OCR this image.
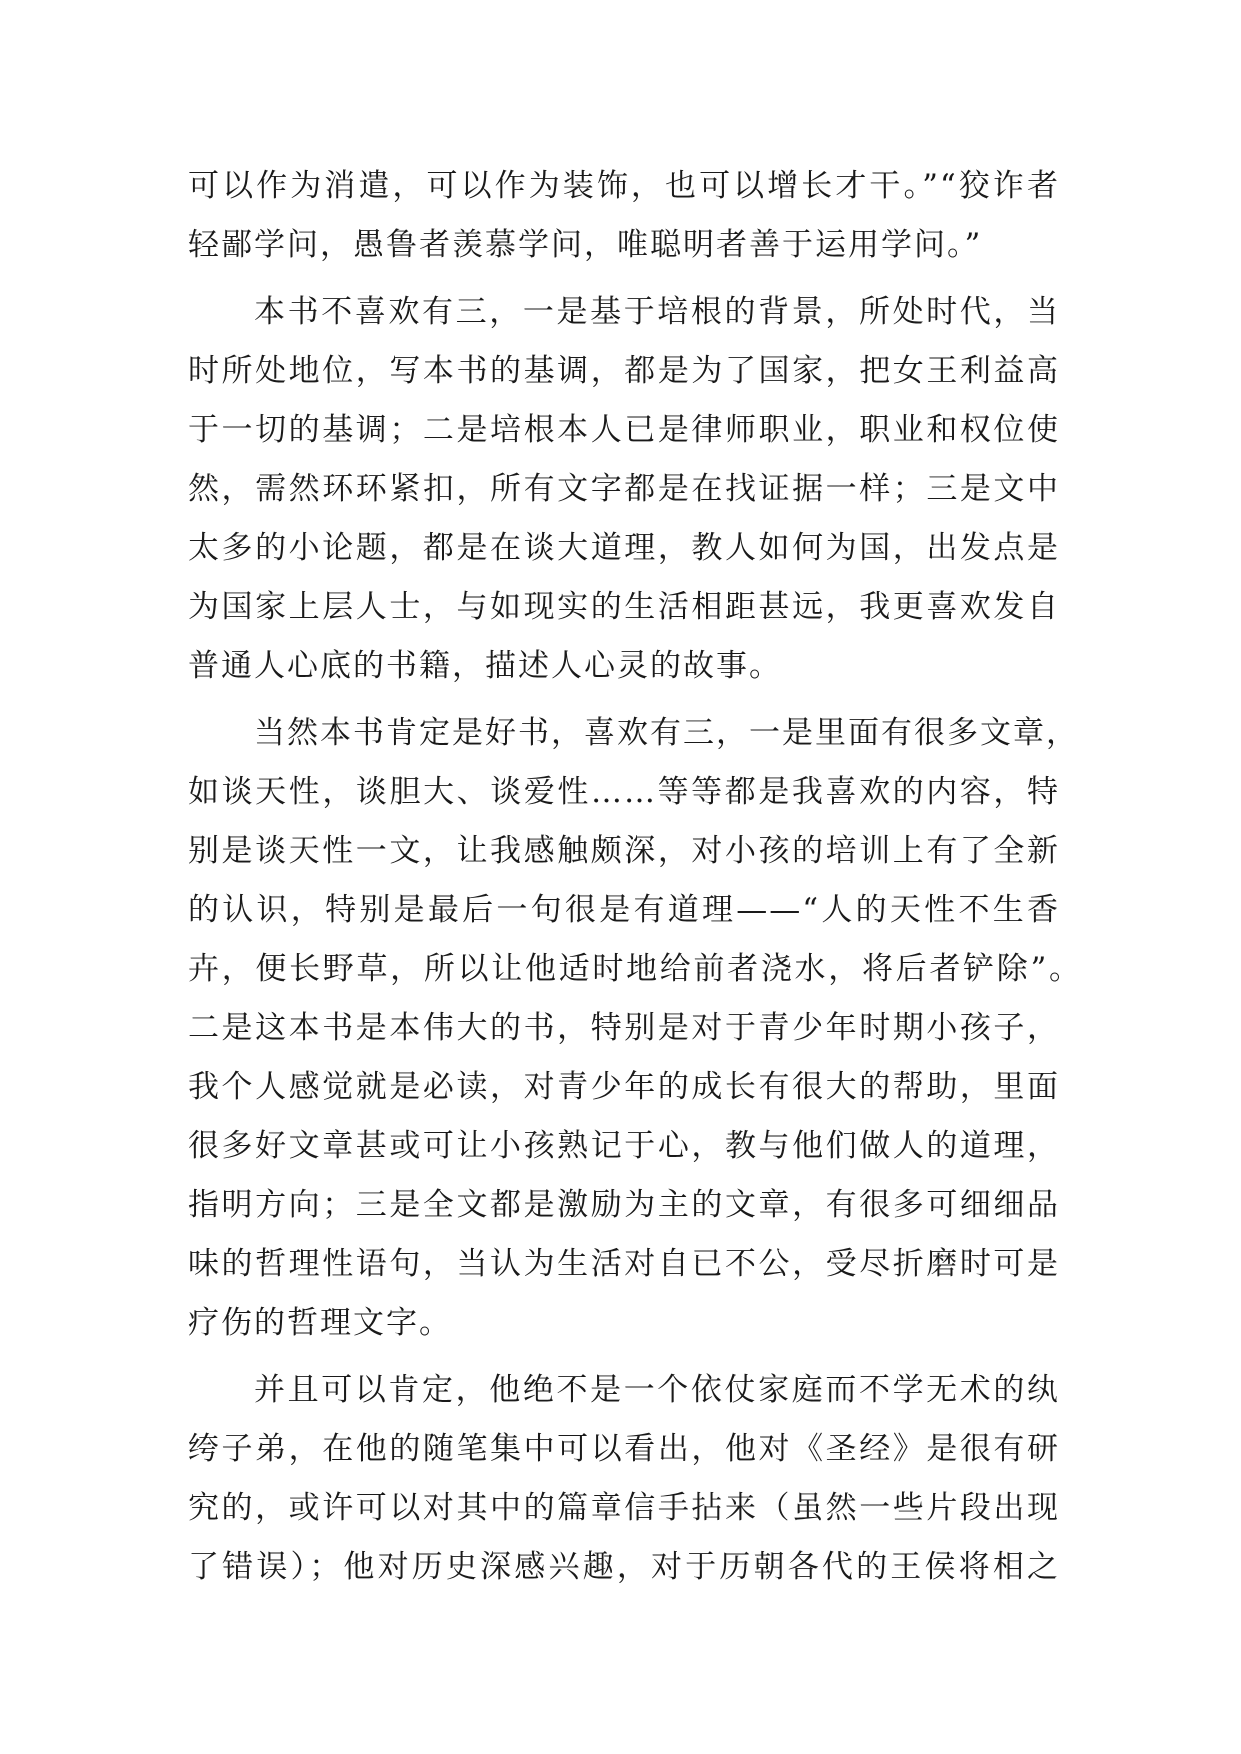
可以作为消遣，可以作为装饰，也可以增长才干。”“狡诈者
轻鄙学问，愚鲁者羡慕学问，唯聪明者善于运用学问。”
本书不喜欢有三，一是基于培根的背景，所处时代，当
时所处地位，写本书的基调，都是为了国家，把女王利益高
于一切的基调；二是培根本人已是律师职业，职业和权位使
然，需然环环紧扣，所有文字都是在找证据一样；三是文中
太多的小论题，都是在谈大道理，教人如何为国，出发点是
为国家上层人士，与如现实的生活相距甚远，我更喜欢发自
普通人心底的书籍，描述人心灵的故事。
当然本书肯定是好书，喜欢有三，一是里面有很多文章，
如谈天性，谈胆大、谈爱性……等等都是我喜欢的内容，特
别是谈天性一文，让我感触颇深，对小孩的培训上有了全新
的认识，特别是最后一句很是有道理——“人的天性不生香
卉，便长野草，所以让他适时地给前者浇水，将后者铲除”。
二是这本书是本伟大的书，特别是对于青少年时期小孩子，
我个人感觉就是必读，对青少年的成长有很大的帮助，里面
很多好文章甚或可让小孩熟记于心，教与他们做人的道理，
指明方向；三是全文都是激励为主的文章，有很多可细细品
味的哲理性语句，当认为生活对自已不公，受尽折磨时可是
疗伤的哲理文字。
并且可以肯定，他绝不是一个依仗家庭而不学无术的纨
绔子弟，在他的随笔集中可以看出，他对《圣经》是很有研
究的，或许可以对其中的篇章信手拈来（虽然一些片段出现
了错误）；他对历史深感兴趣，对于历朝各代的王侯将相之
